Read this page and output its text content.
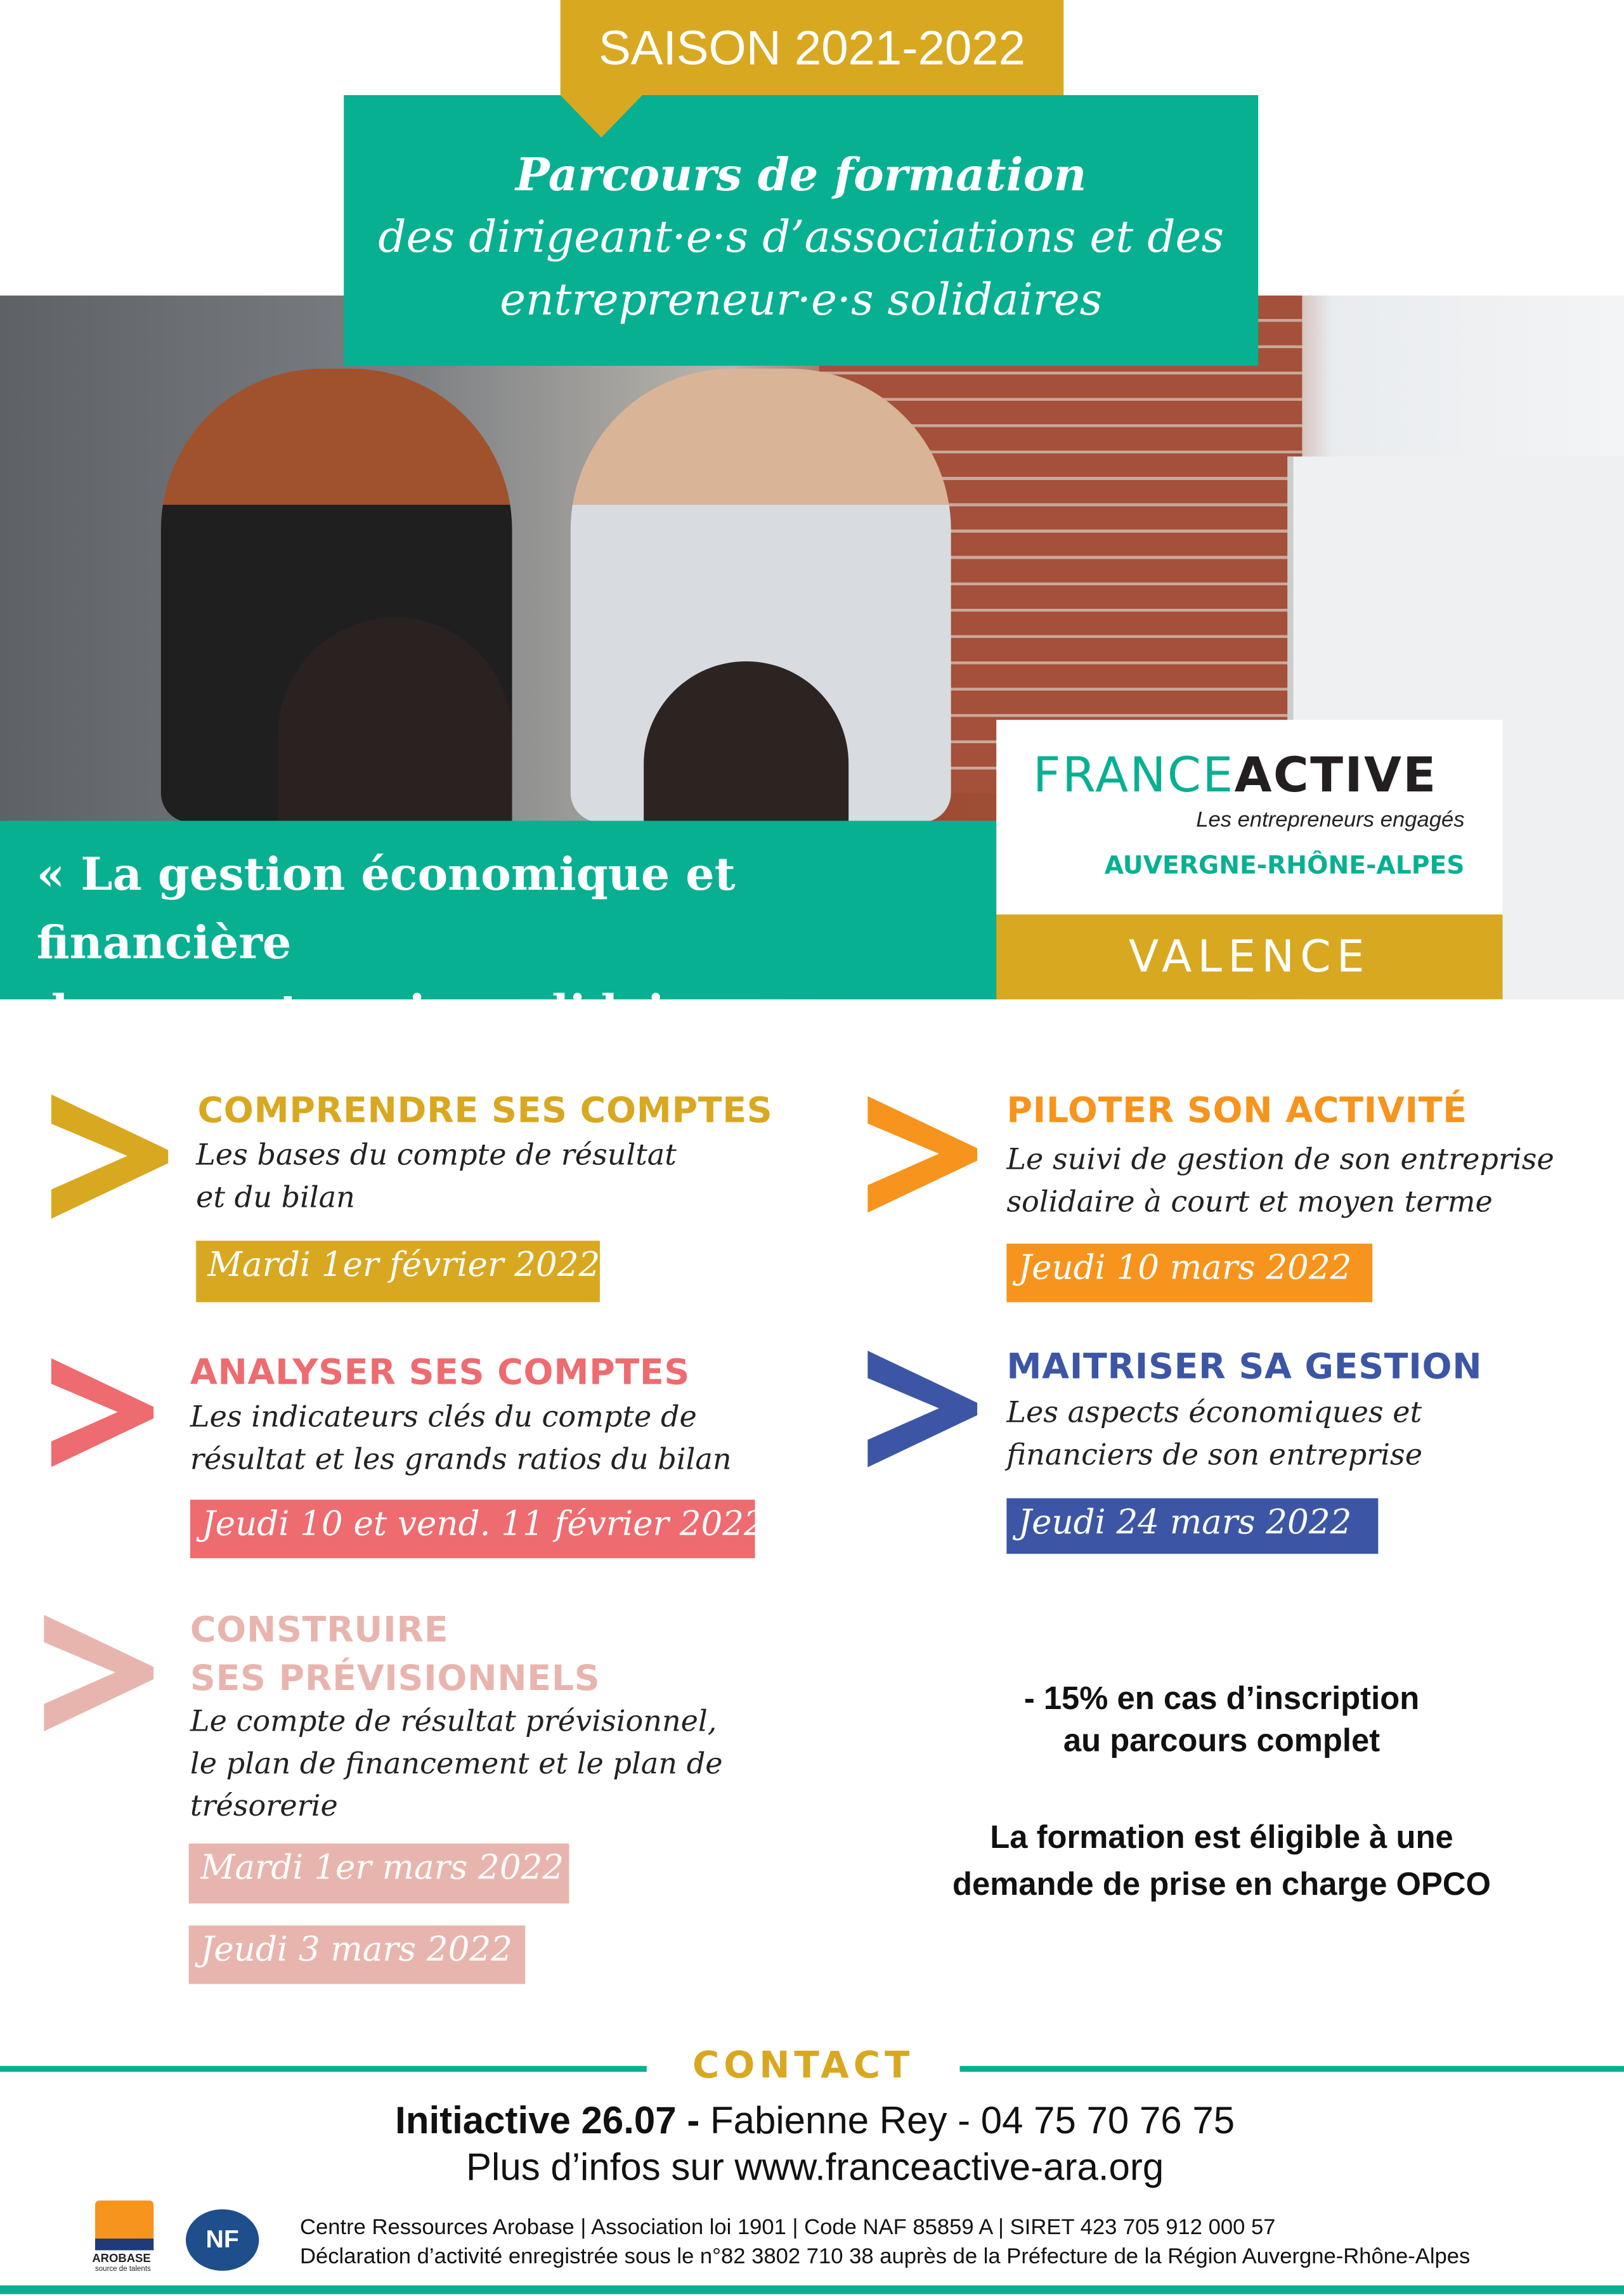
SAISON 2021-2022
Parcours de formation
des dirigeant·e·s d’associations et des
entrepreneur·e·s solidaires
« La gestion économique et financière
de son entreprise solidaire »
FRANCEACTIVE
Les entrepreneurs engagés
AUVERGNE-RHÔNE-ALPES
VALENCE
COMPRENDRE SES COMPTES
Les bases du compte de résultat
et du bilan
Mardi 1er février 2022
PILOTER SON ACTIVITÉ
Le suivi de gestion de son entreprise
solidaire à court et moyen terme
Jeudi 10 mars 2022
ANALYSER SES COMPTES
Les indicateurs clés du compte de
résultat et les grands ratios du bilan
Jeudi 10 et vend. 11 février 2022
MAITRISER SA GESTION
Les aspects économiques et
financiers de son entreprise
Jeudi 24 mars 2022
CONSTRUIRE
SES PRÉVISIONNELS
Le compte de résultat prévisionnel,
le plan de financement et le plan de
trésorerie
Mardi 1er mars 2022
Jeudi 3 mars 2022
- 15% en cas d’inscription
au parcours complet
La formation est éligible à une
demande de prise en charge OPCO
CONTACT
Initiactive 26.07 - Fabienne Rey - 04 75 70 76 75
Plus d’infos sur www.franceactive-ara.org
AROBASE
source de talents
NF	Centre Ressources Arobase | Association loi 1901 | Code NAF 85859 A | SIRET 423 705 912 000 57
Déclaration d’activité enregistrée sous le n°82 3802 710 38 auprès de la Préfecture de la Région Auvergne-Rhône-Alpes
